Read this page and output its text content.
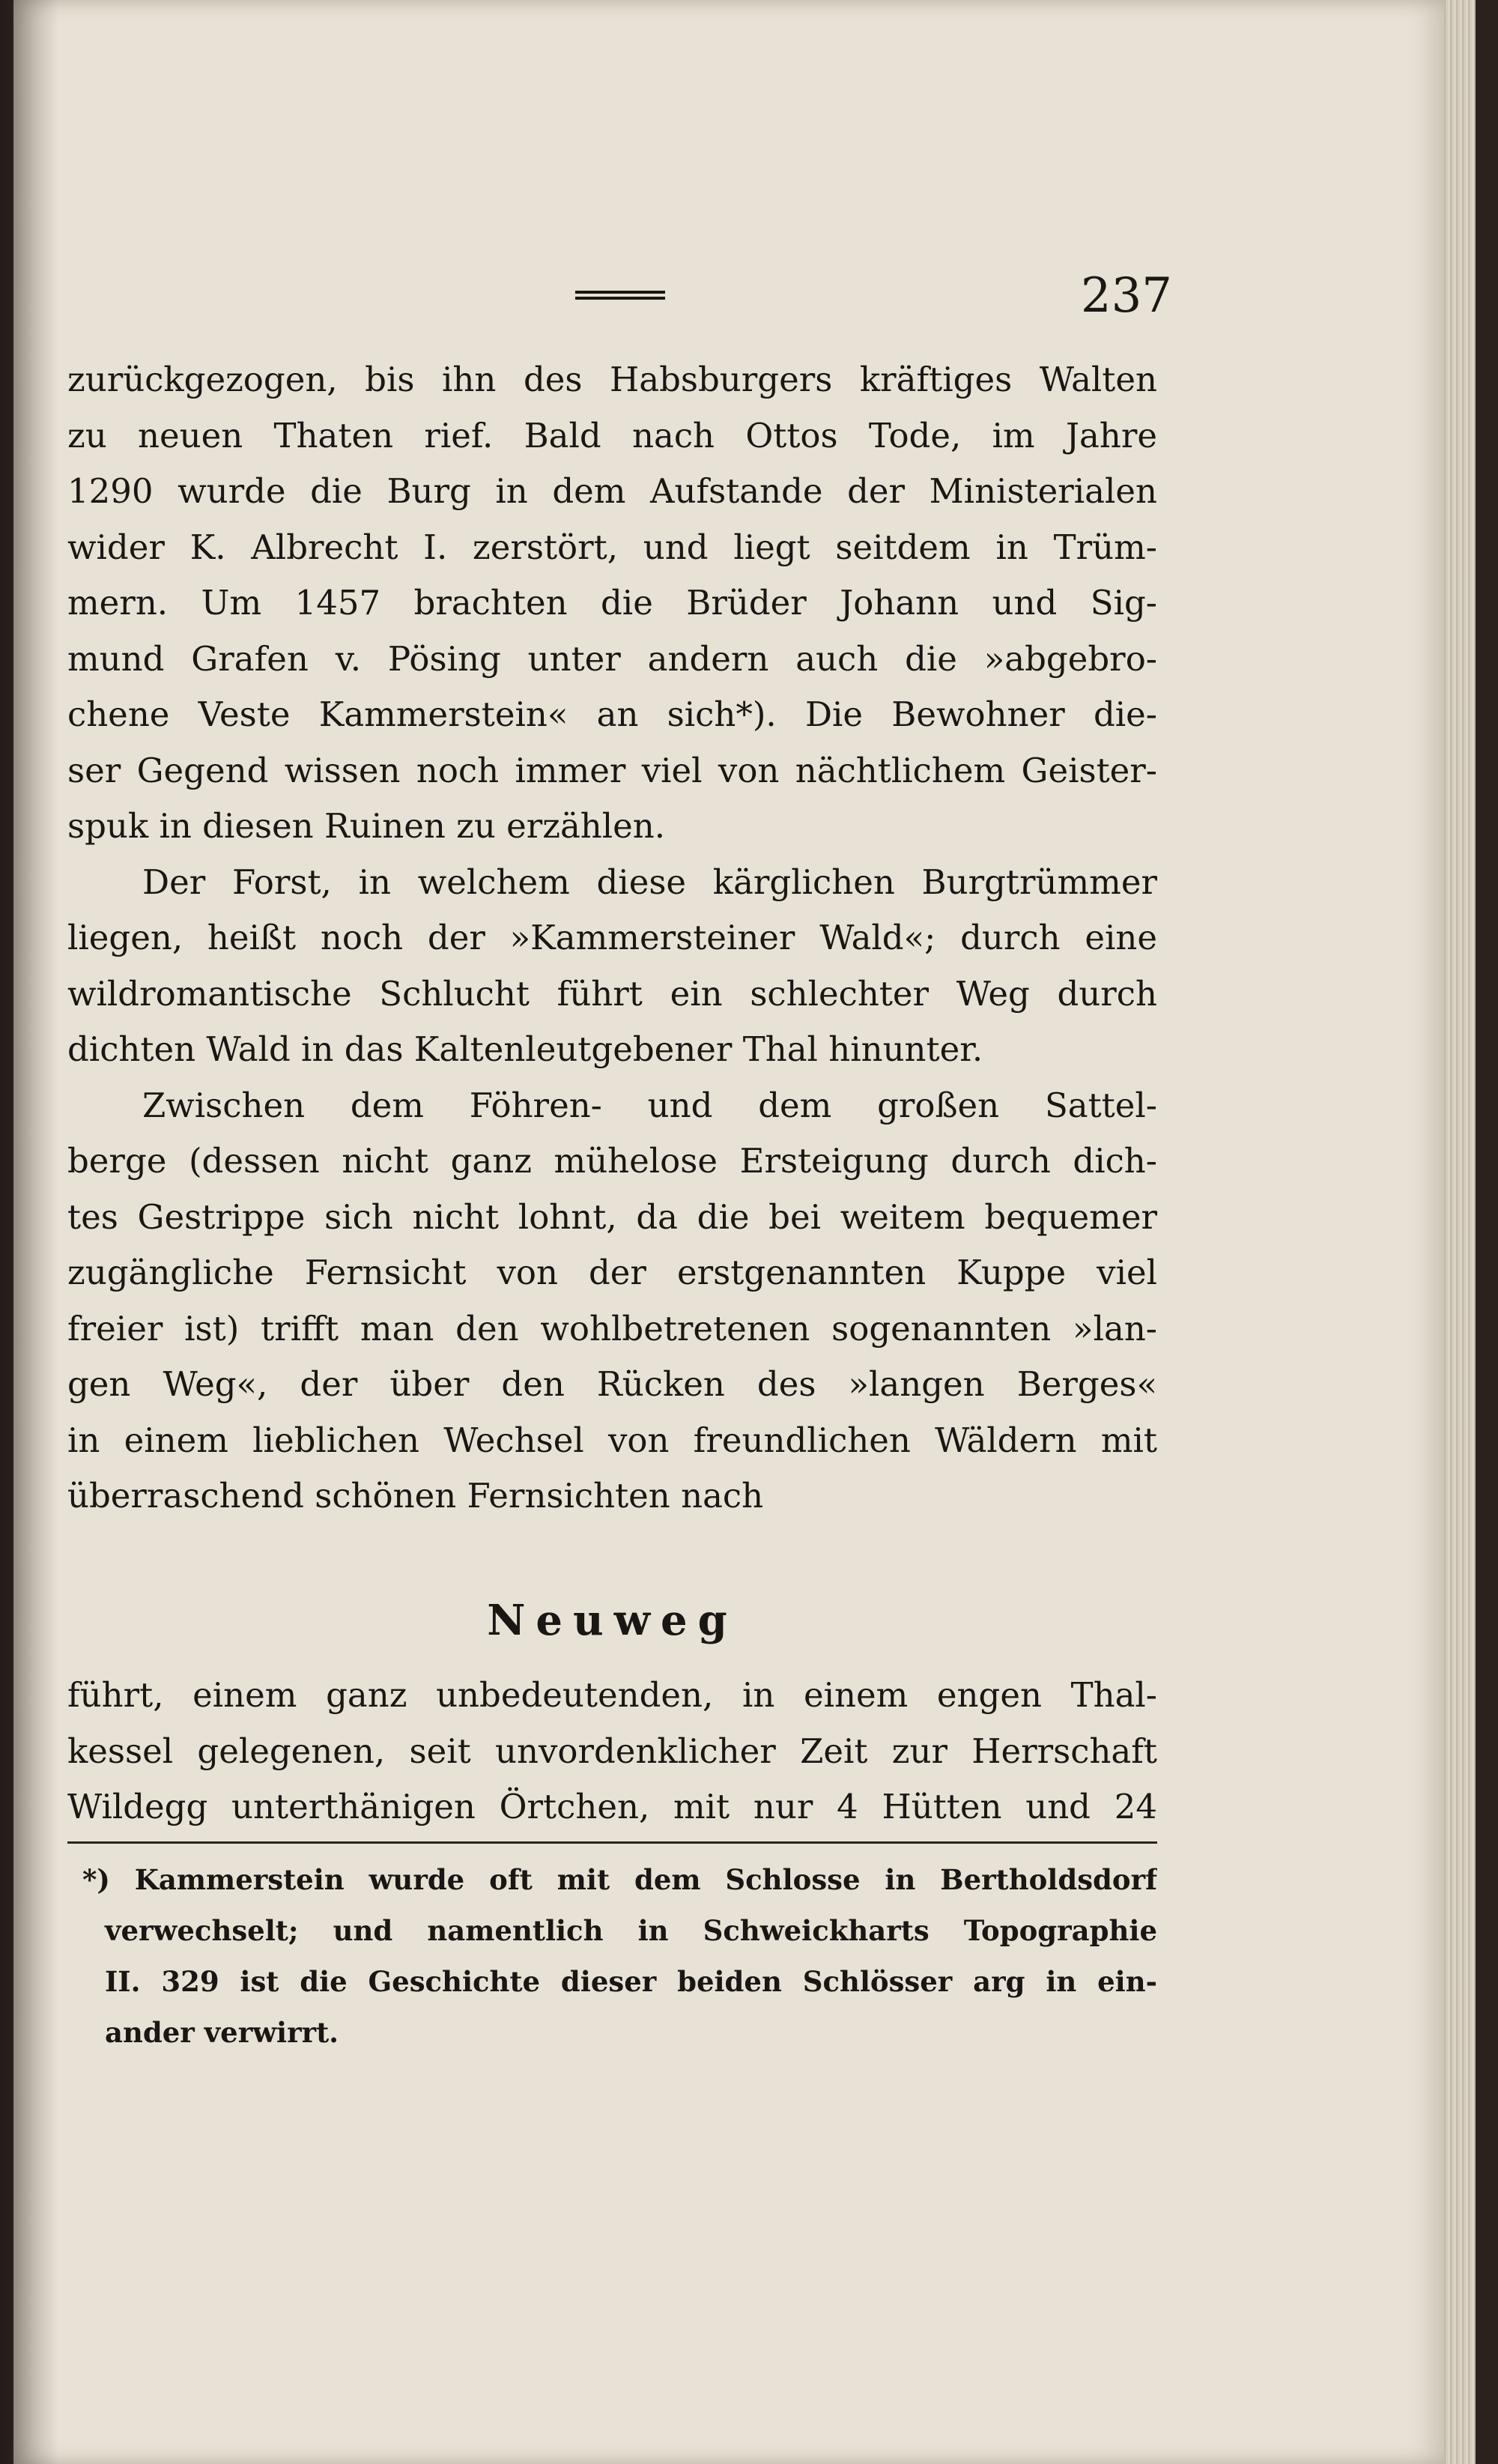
237
zurückgezogen, bis ihn des Habsburgers kräftiges Walten
zu neuen Thaten rief. Bald nach Ottos Tode, im Jahre
1290 wurde die Burg in dem Aufstande der Ministerialen
wider K. Albrecht I. zerstört, und liegt seitdem in Trüm-
mern. Um 1457 brachten die Brüder Johann und Sig-
mund Grafen v. Pösing unter andern auch die »abgebro-
chene Veste Kammerstein« an sich*). Die Bewohner die-
ser Gegend wissen noch immer viel von nächtlichem Geister-
spuk in diesen Ruinen zu erzählen.
Der Forst, in welchem diese kärglichen Burgtrümmer
liegen, heißt noch der »Kammersteiner Wald«; durch eine
wildromantische Schlucht führt ein schlechter Weg durch
dichten Wald in das Kaltenleutgebener Thal hinunter.
Zwischen dem Föhren- und dem großen Sattel-
berge (dessen nicht ganz mühelose Ersteigung durch dich-
tes Gestrippe sich nicht lohnt, da die bei weitem bequemer
zugängliche Fernsicht von der erstgenannten Kuppe viel
freier ist) trifft man den wohlbetretenen sogenannten »lan-
gen Weg«, der über den Rücken des »langen Berges«
in einem lieblichen Wechsel von freundlichen Wäldern mit
überraschend schönen Fernsichten nach
Neuweg
führt, einem ganz unbedeutenden, in einem engen Thal-
kessel gelegenen, seit unvordenklicher Zeit zur Herrschaft
Wildegg unterthänigen Örtchen, mit nur 4 Hütten und 24
*) Kammerstein wurde oft mit dem Schlosse in Bertholdsdorf
verwechselt; und namentlich in Schweickharts Topographie
II. 329 ist die Geschichte dieser beiden Schlösser arg in ein-
ander verwirrt.
